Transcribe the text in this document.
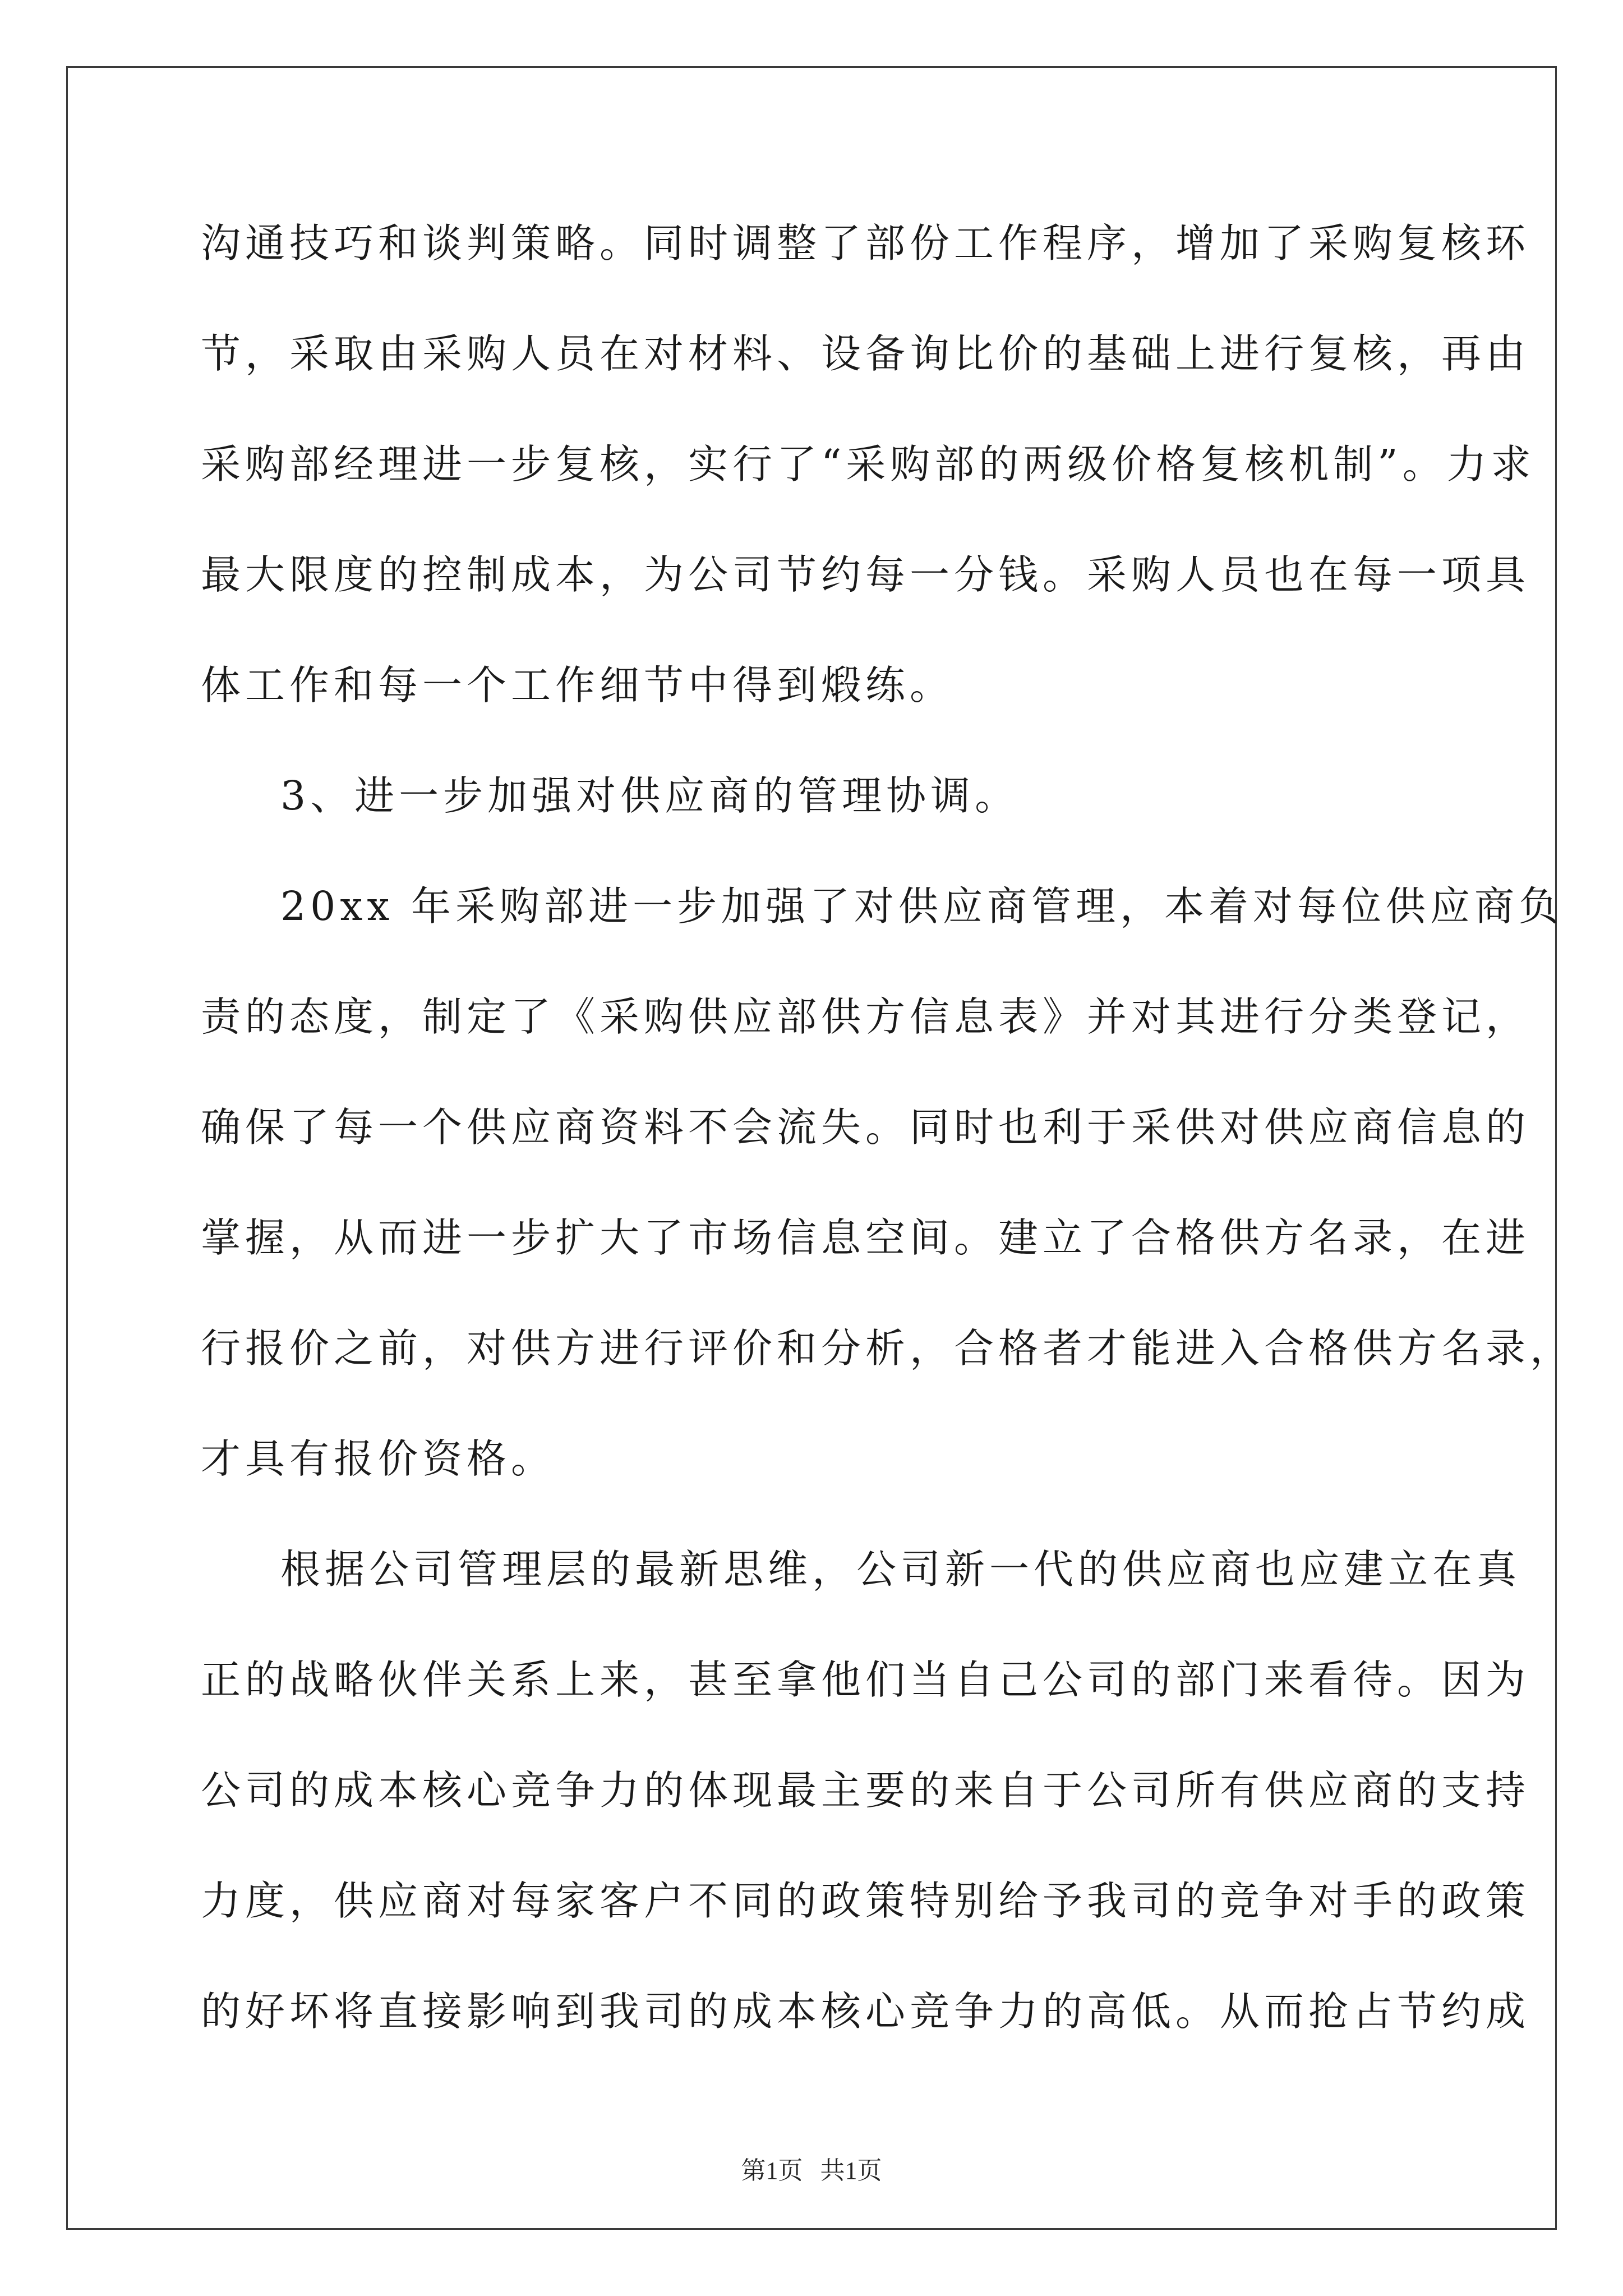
沟通技巧和谈判策略。同时调整了部份工作程序，增加了采购复核环
节，采取由采购人员在对材料、设备询比价的基础上进行复核，再由
采购部经理进一步复核，实行了“采购部的两级价格复核机制”。力求
最大限度的控制成本，为公司节约每一分钱。采购人员也在每一项具
体工作和每一个工作细节中得到煅练。
3、进一步加强对供应商的管理协调。
20xx 年采购部进一步加强了对供应商管理，本着对每位供应商负
责的态度，制定了《采购供应部供方信息表》并对其进行分类登记，
确保了每一个供应商资料不会流失。同时也利于采供对供应商信息的
掌握，从而进一步扩大了市场信息空间。建立了合格供方名录，在进
行报价之前，对供方进行评价和分析，合格者才能进入合格供方名录，
才具有报价资格。
根据公司管理层的最新思维，公司新一代的供应商也应建立在真
正的战略伙伴关系上来，甚至拿他们当自己公司的部门来看待。因为
公司的成本核心竞争力的体现最主要的来自于公司所有供应商的支持
力度，供应商对每家客户不同的政策特别给予我司的竞争对手的政策
的好坏将直接影响到我司的成本核心竞争力的高低。从而抢占节约成
第1页 共1页
